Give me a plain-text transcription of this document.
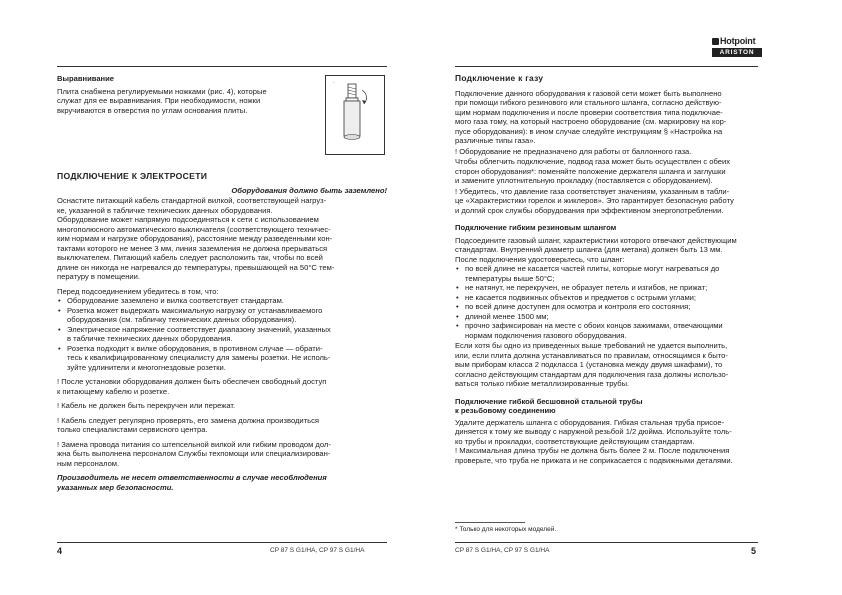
Hotpoint
ARISTON
·
Выравнивание
Плита снабжена регулируемыми ножками (рис. 4), которые
служат для ее выравнивания. При необходимости, ножки
вкручиваются в отверстия по углам основания плиты.
ПОДКЛЮЧЕНИЕ К ЭЛЕКТРОСЕТИ
Оборудования должно быть заземлено!
Оснастите питающий кабель стандартной вилкой, соответствующей нагруз-
ке, указанной в табличке технических данных оборудования.
Оборудование может напрямую подсоединяться к сети с использованием
многополюсного автоматического выключателя (соответствующего техничес-
ким нормам и нагрузке оборудования), расстояние между разведенными кон-
тактами которого не менее 3 мм, линия заземления не должна прерываться
выключателем. Питающий кабель следует расположить так, чтобы по всей
длине он никогда не нагревался до температуры, превышающей на 50°С тем-
пературу в помещении.
Перед подсоединением убедитесь в том, что:
• Оборудование заземлено и вилка соответствует стандартам.
• Розетка может выдержать максимальную нагрузку от устанавливаемого
оборудования (см. табличку технических данных оборудования).
• Электрическое напряжение соответствует диапазону значений, указанных
в табличке технических данных оборудования.
• Розетка подходит к вилке оборудования, в противном случае — обрати-
тесь к квалифицированному специалисту для замены розетки. Не исполь-
зуйте удлинители и многогнездовые розетки.
! После установки оборудования должен быть обеспечен свободный доступ
к питающему кабелю и розетке.
! Кабель не должен быть перекручен или пережат.
! Кабель следует регулярно проверять, его замена должна производиться
только специалистами сервисного центра.
! Замена провода питания со штепсельной вилкой или гибким проводом дол-
жна быть выполнена персоналом Службы техпомощи или специализирован-
ным персоналом.
Производитель не несет ответственности в случае несоблюдения
указанных мер безопасности.
Подключение к газу
Подключение данного оборудования к газовой сети может быть выполнено
при помощи гибкого резинового или стального шланга, согласно действую-
щим нормам подключения и после проверки соответствия типа подключае-
мого газа тому, на который настроено оборудование (см. маркировку на кор-
пусе оборудования): в ином случае следуйте инструкциям § «Настройка на
различные типы газа».
! Оборудование не предназначено для работы от баллонного газа.
Чтобы облегчить подключение, подвод газа может быть осуществлен с обеих
сторон оборудования*: поменяйте положение держателя шланга и заглушки
и замените уплотнительную прокладку (поставляется с оборудованием).
! Убедитесь, что давление газа соответствует значениям, указанным в табли-
це «Характеристики горелок и жиклеров». Это гарантирует безопасную работу
и долгий срок службы оборудования при эффективном энергопотреблении.
Подключение гибким резиновым шлангом
Подсоедините газовый шланг, характеристики которого отвечают действующим
стандартам. Внутренний диаметр шланга (для метана) должен быть 13 мм.
После подключения удостоверьтесь, что шланг:
• по всей длине не касается частей плиты, которые могут нагреваться до
температуры выше 50°С;
• не натянут, не перекручен, не образует петель и изгибов, не прижат;
• не касается подвижных объектов и предметов с острыми углами;
• по всей длине доступен для осмотра и контроля его состояния;
• длиной менее 1500 мм;
• прочно зафиксирован на месте с обоих концов зажимами, отвечающими
нормам подключения газового оборудования.
Если хотя бы одно из приведенных выше требований не удается выполнить,
или, если плита должна устанавливаться по правилам, относящимся к быто-
вым приборам класса 2 подкласса 1 (установка между двумя шкафами), то
согласно действующим стандартам для подключения газа должны использо-
ваться только гибкие металлизированные трубы.
Подключение гибкой бесшовной стальной трубы
к резьбовому соединению
Удалите держатель шланга с оборудования. Гибкая стальная труба присое-
диняется к тому же выводу с наружной резьбой 1/2 дюйма. Используйте толь-
ко трубы и прокладки, соответствующие действующим стандартам.
! Максимальная длина трубы не должна быть более 2 м. После подключения
проверьте, что труба не прижата и не соприкасается с подвижными деталями.
* Только для некоторых моделей.
4	CP 87 S G1/HA, CP 97 S G1/HA	CP 87 S G1/HA, CP 97 S G1/HA	5
